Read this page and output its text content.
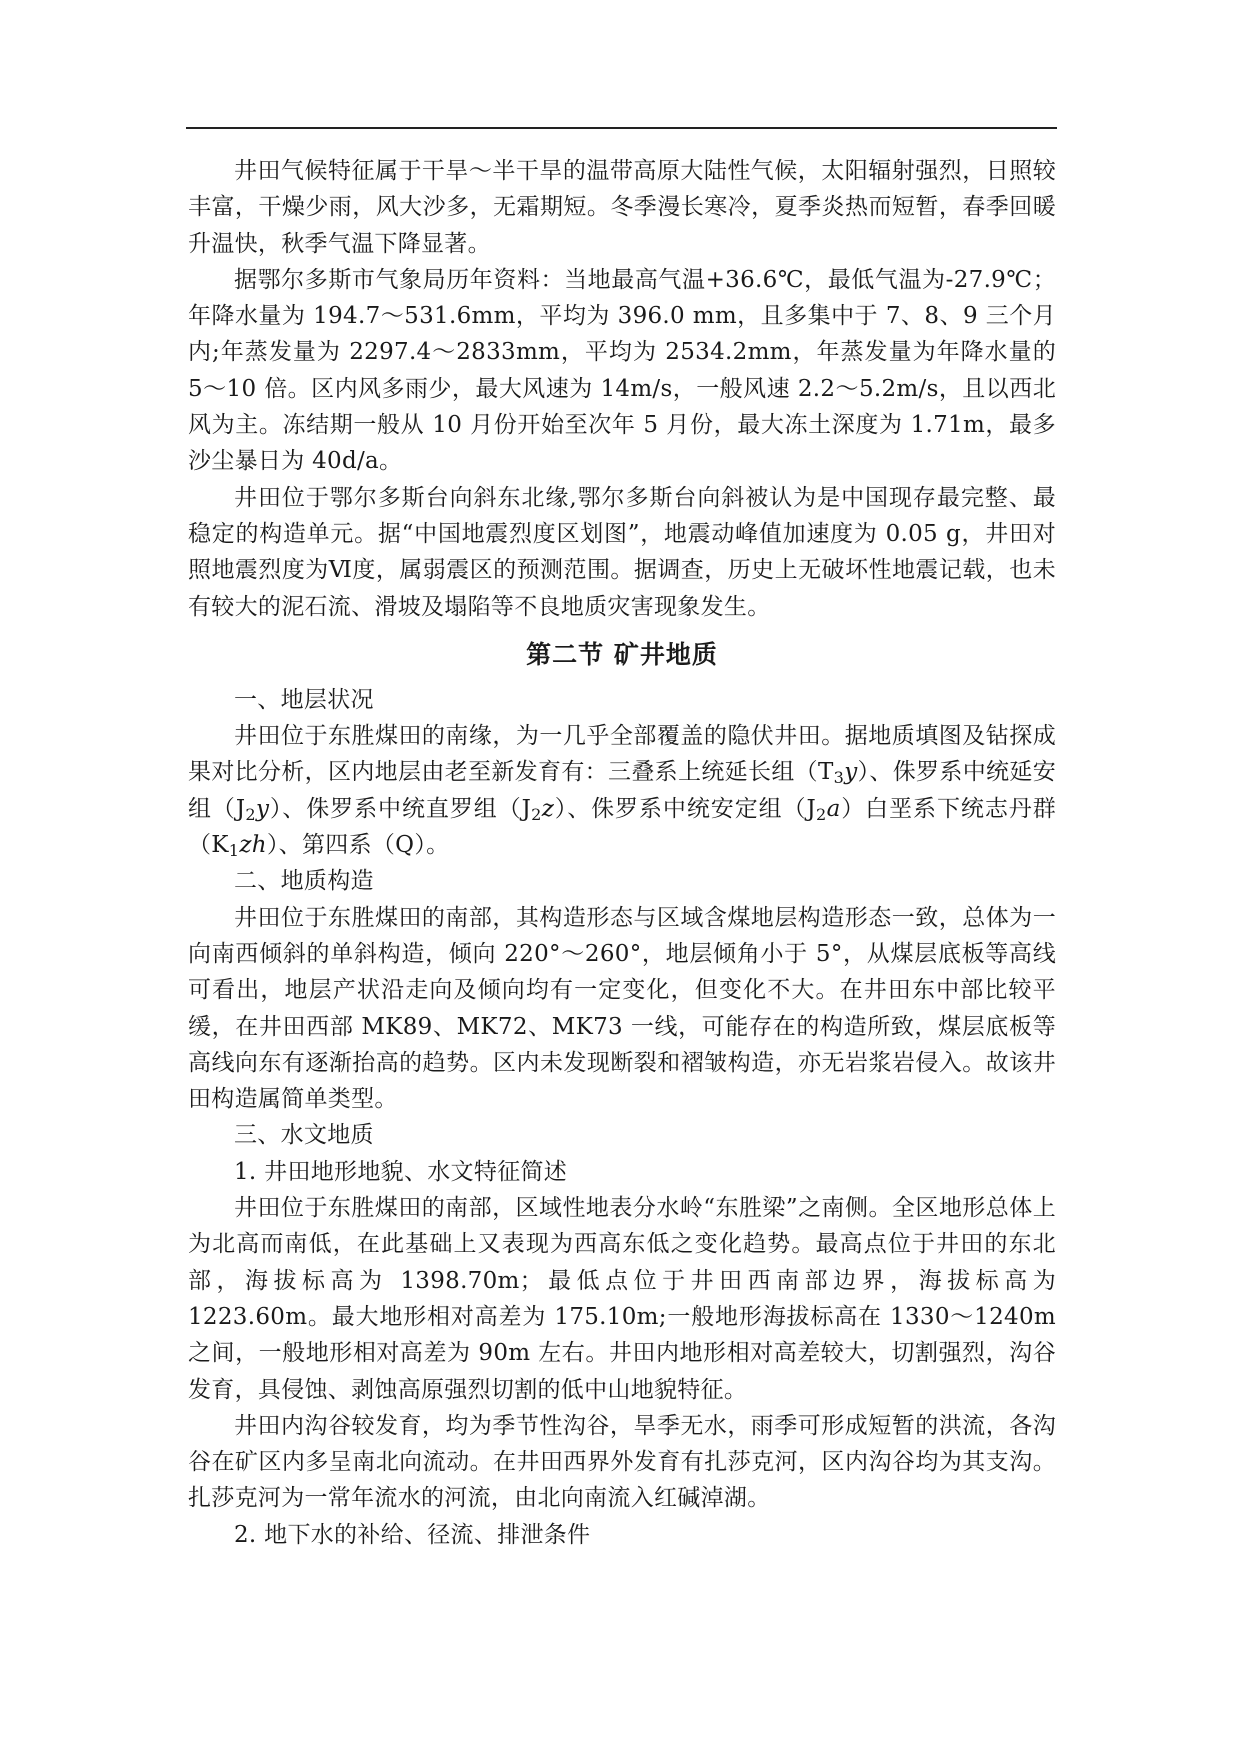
井田气候特征属于干旱～半干旱的温带高原大陆性气候，太阳辐射强烈，日照较丰富，干燥少雨，风大沙多，无霜期短。冬季漫长寒冷，夏季炎热而短暂，春季回暖升温快，秋季气温下降显著。

据鄂尔多斯市气象局历年资料：当地最高气温+36.6℃，最低气温为-27.9℃；年降水量为 194.7～531.6mm，平均为 396.0 mm，且多集中于 7、8、9 三个月内;年蒸发量为 2297.4～2833mm，平均为 2534.2mm，年蒸发量为年降水量的 5～10 倍。区内风多雨少，最大风速为 14m/s，一般风速 2.2～5.2m/s，且以西北风为主。冻结期一般从 10 月份开始至次年 5 月份，最大冻土深度为 1.71m，最多沙尘暴日为 40d/a。

井田位于鄂尔多斯台向斜东北缘,鄂尔多斯台向斜被认为是中国现存最完整、最稳定的构造单元。据“中国地震烈度区划图”，地震动峰值加速度为 0.05 g，井田对照地震烈度为Ⅵ度，属弱震区的预测范围。据调查，历史上无破坏性地震记载，也未有较大的泥石流、滑坡及塌陷等不良地质灾害现象发生。

第二节 矿井地质

一、地层状况

井田位于东胜煤田的南缘，为一几乎全部覆盖的隐伏井田。据地质填图及钻探成果对比分析，区内地层由老至新发育有：三叠系上统延长组$(T_3y)$、侏罗系中统延安组$(J_2y)$、侏罗系中统直罗组$(J_2z)$、侏罗系中统安定组$(J_2a)$白垩系下统志丹群$(K_1zh)$、第四系（Q）。

二、地质构造

井田位于东胜煤田的南部，其构造形态与区域含煤地层构造形态一致，总体为一向南西倾斜的单斜构造，倾向 220°～260°，地层倾角小于 5°，从煤层底板等高线可看出，地层产状沿走向及倾向均有一定变化，但变化不大。在井田东中部比较平缓，在井田西部 MK89、MK72、MK73 一线，可能存在的构造所致，煤层底板等高线向东有逐渐抬高的趋势。区内未发现断裂和褶皱构造，亦无岩浆岩侵入。故该井田构造属简单类型。

三、水文地质

1. 井田地形地貌、水文特征简述

井田位于东胜煤田的南部，区域性地表分水岭“东胜梁”之南侧。全区地形总体上为北高而南低，在此基础上又表现为西高东低之变化趋势。最高点位于井田的东北部，海拔标高为 1398.70m；最低点位于井田西南部边界，海拔标高为 1223.60m。最大地形相对高差为 175.10m;一般地形海拔标高在 1330～1240m 之间，一般地形相对高差为 90m 左右。井田内地形相对高差较大，切割强烈，沟谷发育，具侵蚀、剥蚀高原强烈切割的低中山地貌特征。

井田内沟谷较发育，均为季节性沟谷，旱季无水，雨季可形成短暂的洪流，各沟谷在矿区内多呈南北向流动。在井田西界外发育有扎莎克河，区内沟谷均为其支沟。扎莎克河为一常年流水的河流，由北向南流入红碱淖湖。

2. 地下水的补给、径流、排泄条件
